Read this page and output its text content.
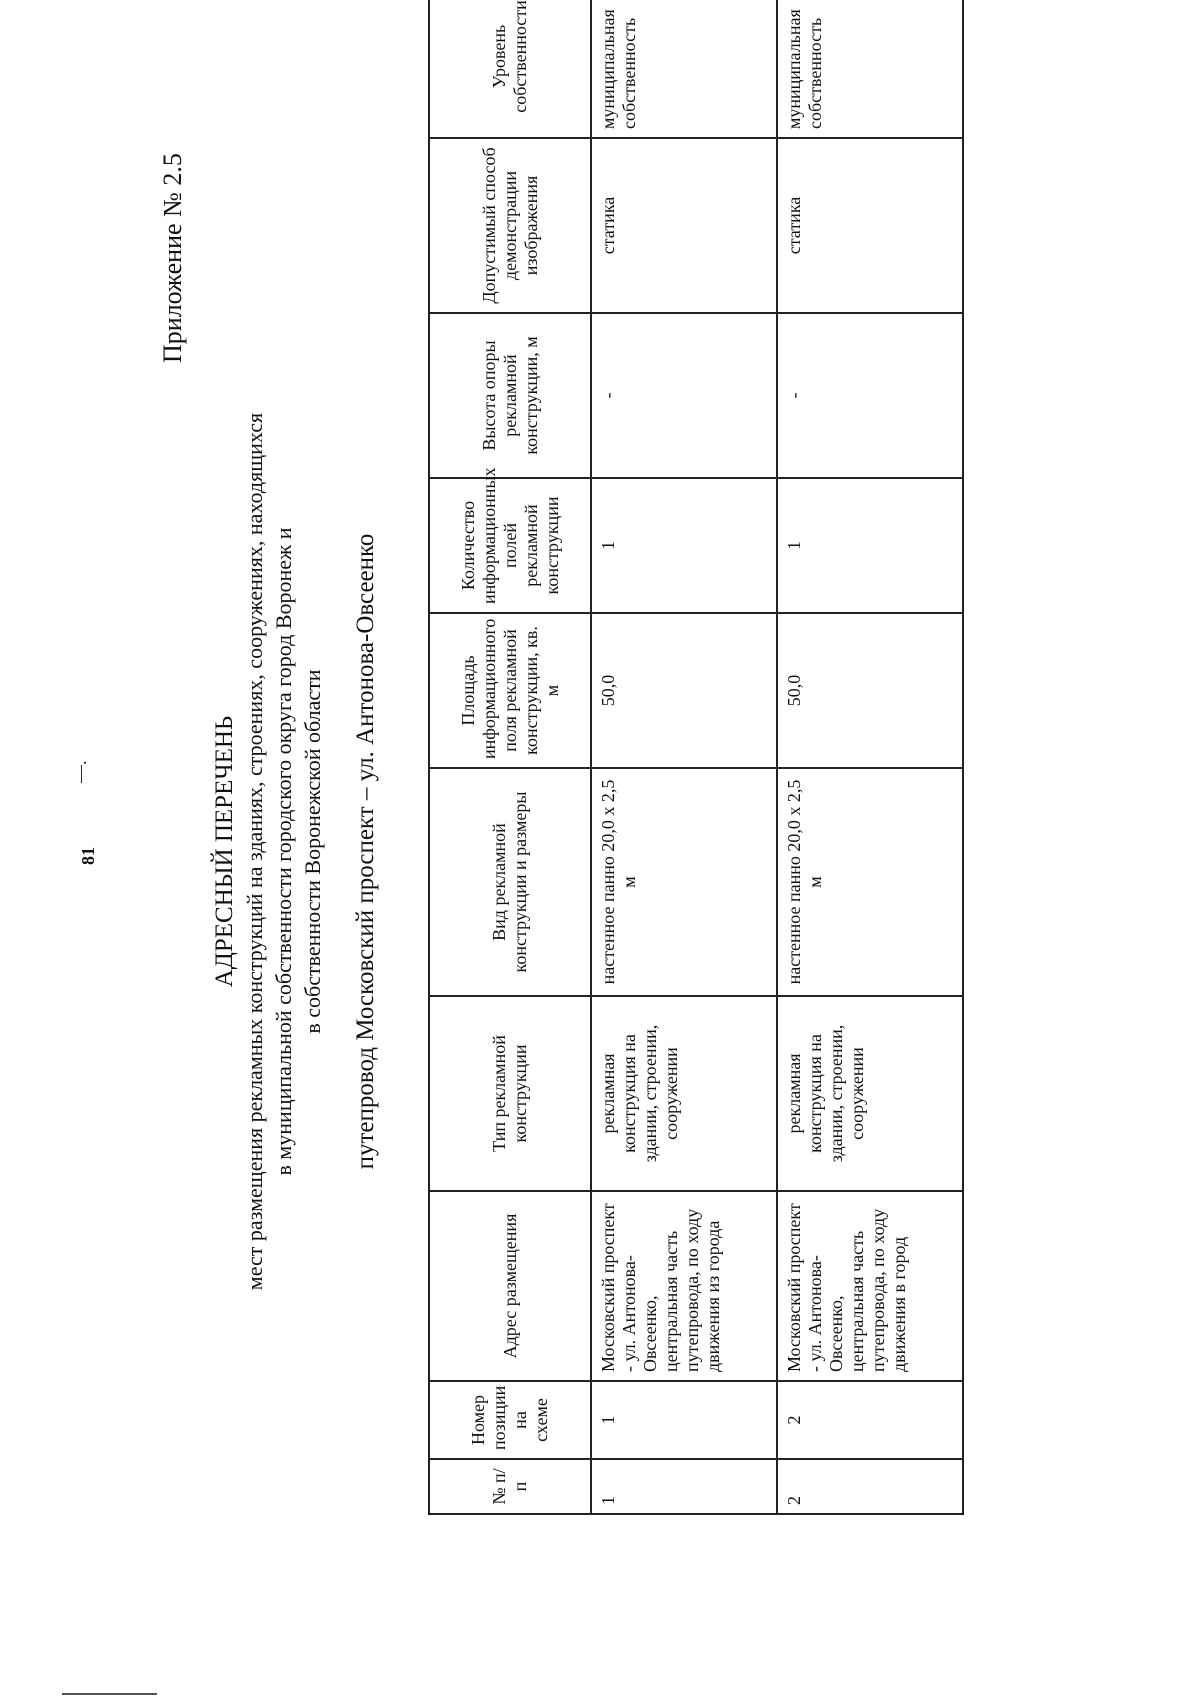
Приложение № 2.5
81
—.	АДРЕСНЫЙ ПЕРЕЧЕНЬ мест размещения рекламных конструкций на зданиях, строениях, сооружениях, находящихся в муниципальной собственности городского округа город Воронеж и в собственности Воронежской области путепровод Московский проспект – ул. Антонова-Овсеенко
№ п/п	Номер позиции на схеме	Адрес размещения	Тип рекламной конструкции	Вид рекламной конструкции и размеры	Площадь информационного поля рекламной конструкции, кв. м	Количество информационных полей рекламной конструкции	Высота опоры рекламной конструкции, м	Допустимый способ демонстрации изображения	Уровень собственности
1	1	Московский проспект - ул. Антонова-Овсеенко, центральная часть путепровода, по ходу движения из города	рекламная конструкция на здании, строении, сооружении	настенное панно 20,0 х 2,5 м	50,0	1	-	статика	муниципальная собственность
2	2	Московский проспект - ул. Антонова-Овсеенко, центральная часть путепровода, по ходу движения в город	рекламная конструкция на здании, строении, сооружении	настенное панно 20,0 х 2,5 м	50,0	1	-	статика	муниципальная собственность
